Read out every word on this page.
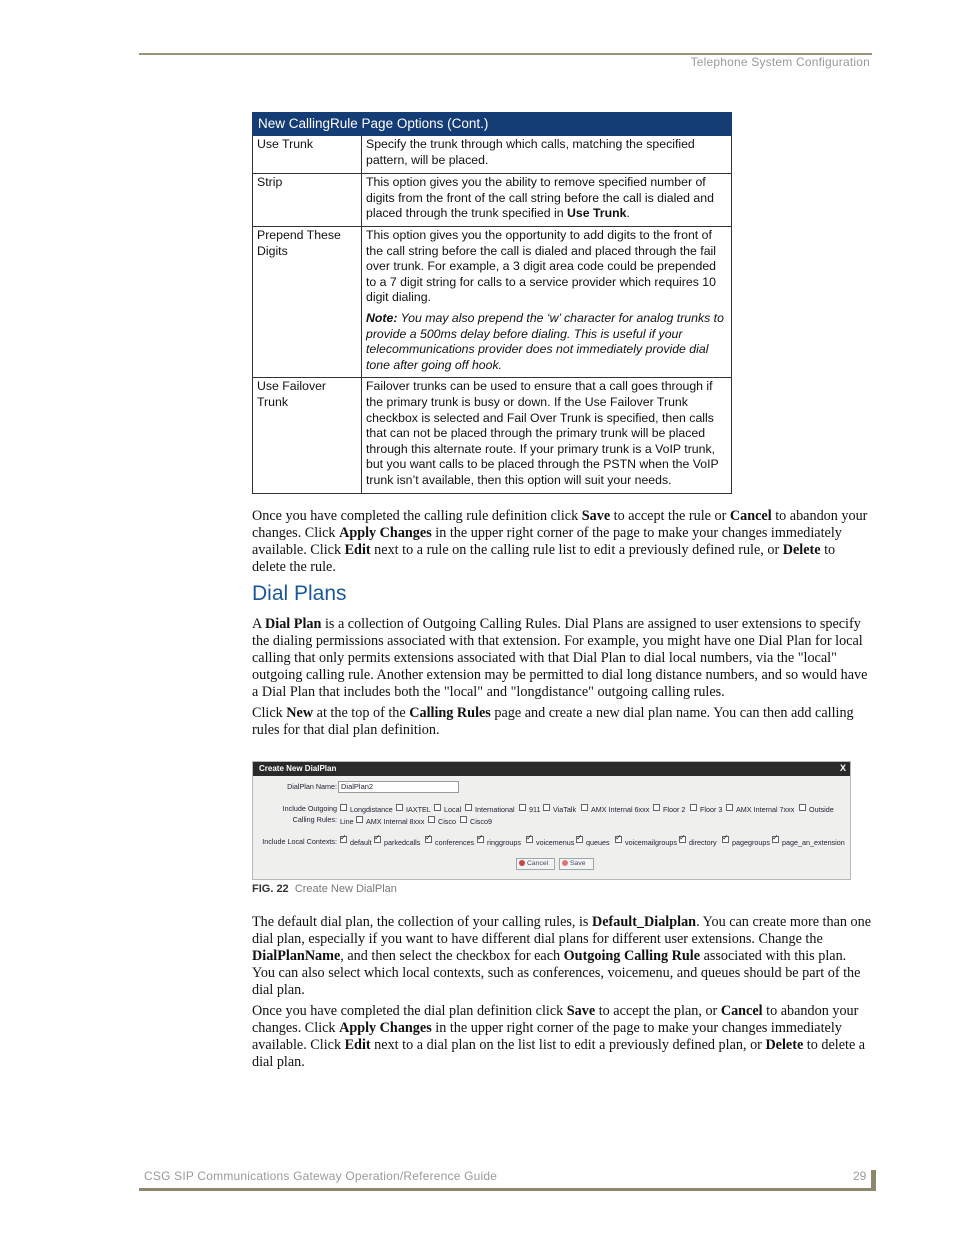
Telephone System Configuration
New CallingRule Page Options (Cont.)	
Use Trunk	Specify the trunk through which calls, matching the specified pattern, will be placed.
Strip	This option gives you the ability to remove specified number of digits from the front of the call string before the call is dialed and placed through the trunk specified in Use Trunk.
Prepend These Digits	This option gives you the opportunity to add digits to the front of the call string before the call is dialed and placed through the fail over trunk. For example, a 3 digit area code could be prepended to a 7 digit string for calls to a service provider which requires 10 digit dialing.

Note: You may also prepend the ‘w’ character for analog trunks to provide a 500ms delay before dialing. This is useful if your telecommunications provider does not immediately provide dial tone after going off hook.

Use Failover Trunk	Failover trunks can be used to ensure that a call goes through if the primary trunk is busy or down. If the Use Failover Trunk checkbox is selected and Fail Over Trunk is specified, then calls that can not be placed through the primary trunk will be placed through this alternate route. If your primary trunk is a VoIP trunk, but you want calls to be placed through the PSTN when the VoIP trunk isn’t available, then this option will suit your needs.

Once you have completed the calling rule definition click Save to accept the rule or Cancel to abandon your changes. Click Apply Changes in the upper right corner of the page to make your changes immediately available. Click Edit next to a rule on the calling rule list to edit a previously defined rule, or Delete to delete the rule.

Dial Plans

A Dial Plan is a collection of Outgoing Calling Rules. Dial Plans are assigned to user extensions to specify the dialing permissions associated with that extension. For example, you might have one Dial Plan for local calling that only permits extensions associated with that Dial Plan to dial local numbers, via the "local" outgoing calling rule. Another extension may be permitted to dial long distance numbers, and so would have a Dial Plan that includes both the "local" and "longdistance" outgoing calling rules.

Click New at the top of the Calling Rules page and create a new dial plan name. You can then add calling rules for that dial plan definition.

Create New DialPlan	X
DialPlan Name: DialPlan2
Include Outgoing
Calling Rules:
Longdistance IAXTEL Local International 911 ViaTalk AMX Internal 6xxx Floor 2 Floor 3 AMX Internal 7xxx Outside
Line AMX Internal 8xxx Cisco Cisco9
Include Local Contexts: ✓ default ✓ parkedcalls ✓ conferences ✓ ringgroups ✓ voicemenus ✓ queues ✓ voicemailgroups ✓ directory ✓ pagegroups ✓ page_an_extension
Cancel	Save
FIG. 22 Create New DialPlan

The default dial plan, the collection of your calling rules, is Default_Dialplan. You can create more than one dial plan, especially if you want to have different dial plans for different user extensions. Change the DialPlanName, and then select the checkbox for each Outgoing Calling Rule associated with this plan. You can also select which local contexts, such as conferences, voicemenu, and queues should be part of the dial plan.

Once you have completed the dial plan definition click Save to accept the plan, or Cancel to abandon your changes. Click Apply Changes in the upper right corner of the page to make your changes immediately available. Click Edit next to a dial plan on the list list to edit a previously defined plan, or Delete to delete a dial plan.

CSG SIP Communications Gateway Operation/Reference Guide	29
